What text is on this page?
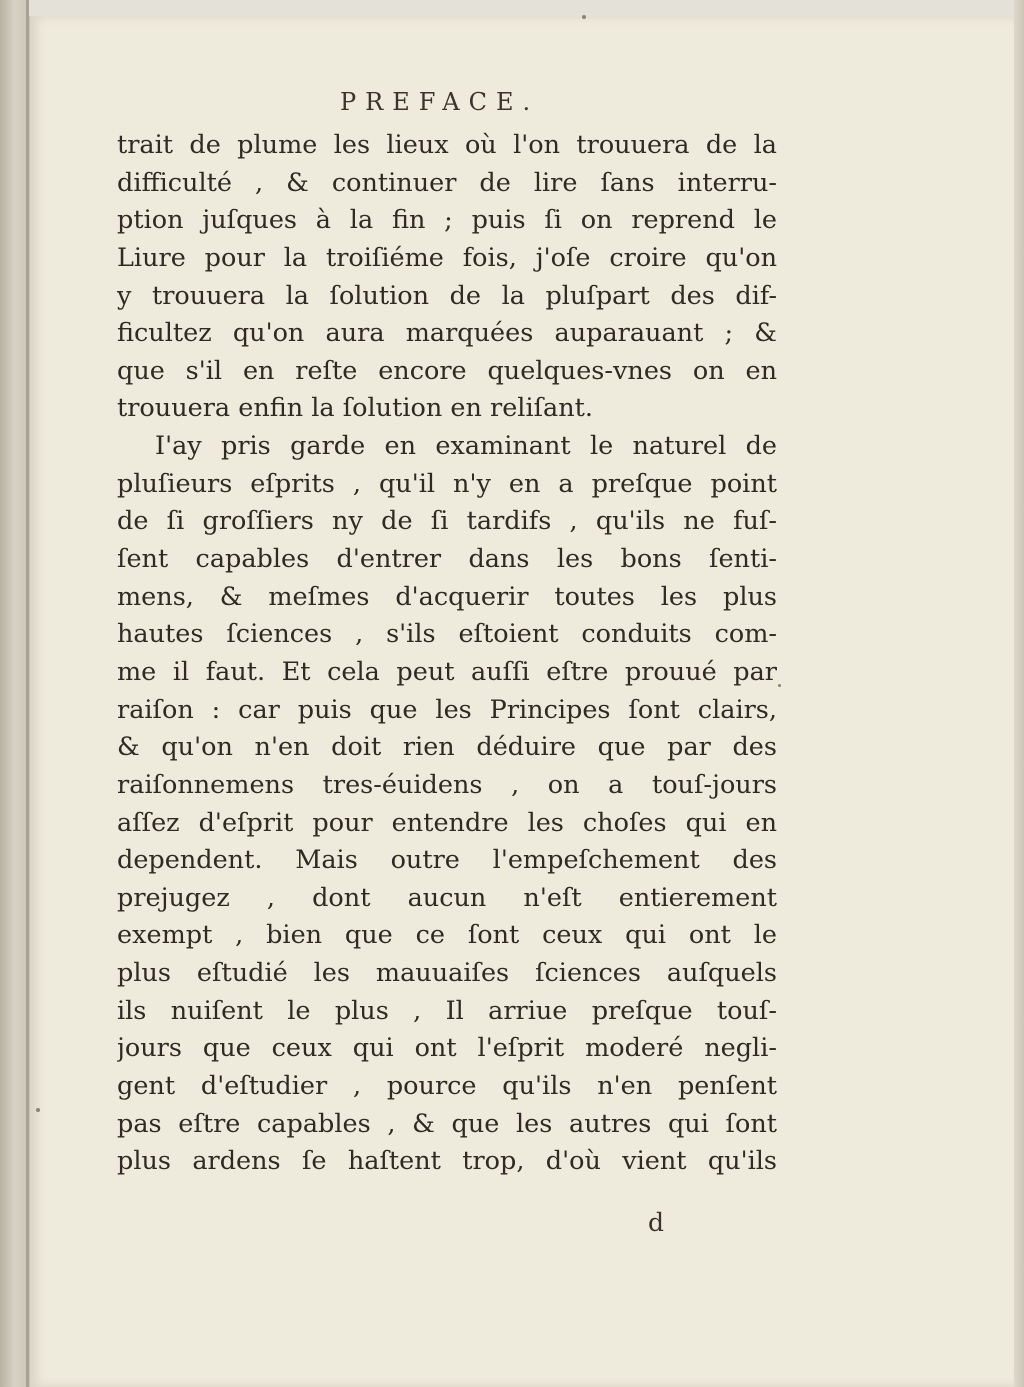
PREFACE.
trait de plume les lieux où l'on trouuera de la
difficulté , & continuer de lire ſans interru-
ption juſques à la fin ; puis ſi on reprend le
Liure pour la troiſiéme fois, j'oſe croire qu'on
y trouuera la ſolution de la pluſpart des dif-
ficultez qu'on aura marquées auparauant ; &
que s'il en reſte encore quelques-vnes on en
trouuera enfin la ſolution en reliſant.
I'ay pris garde en examinant le naturel de
pluſieurs eſprits , qu'il n'y en a preſque point
de ſi groſſiers ny de ſi tardifs , qu'ils ne fuſ-
ſent capables d'entrer dans les bons ſenti-
mens, & meſmes d'acquerir toutes les plus
hautes ſciences , s'ils eſtoient conduits com-
me il faut. Et cela peut auſſi eſtre prouué par
raiſon : car puis que les Principes ſont clairs,
& qu'on n'en doit rien déduire que par des
raiſonnemens tres-éuidens , on a touſ-jours
aſſez d'eſprit pour entendre les choſes qui en
dependent. Mais outre l'empeſchement des
prejugez , dont aucun n'eſt entierement
exempt , bien que ce ſont ceux qui ont le
plus eſtudié les mauuaiſes ſciences auſquels
ils nuiſent le plus , Il arriue preſque touſ-
jours que ceux qui ont l'eſprit moderé negli-
gent d'eſtudier , pource qu'ils n'en penſent
pas eſtre capables , & que les autres qui ſont
plus ardens ſe haſtent trop, d'où vient qu'ils
d
